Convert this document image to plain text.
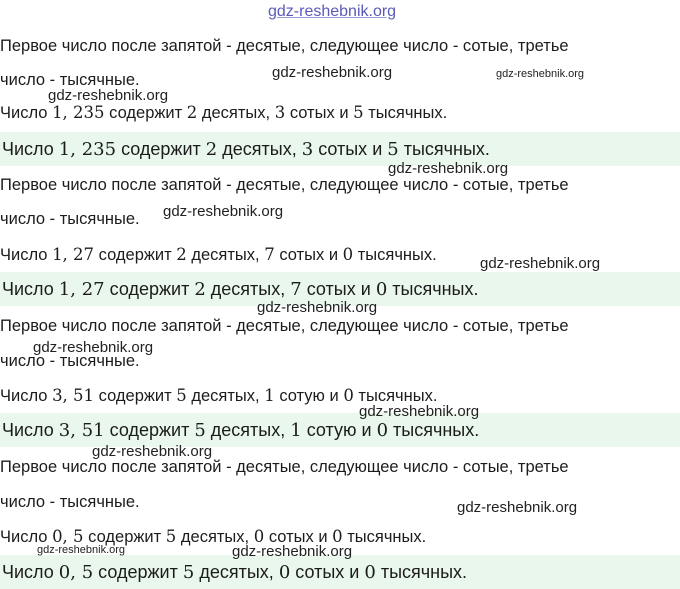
gdz-reshebnik.org
Первое число после запятой - десятые, следующее число - сотые, третье
число - тысячные.
Число 1, 235 содержит 2 десятых, 3 сотых и 5 тысячных.
Число 1, 235 содержит 2 десятых, 3 сотых и 5 тысячных.
Первое число после запятой - десятые, следующее число - сотые, третье
число - тысячные.
Число 1, 27 содержит 2 десятых, 7 сотых и 0 тысячных.
Число 1, 27 содержит 2 десятых, 7 сотых и 0 тысячных.
Первое число после запятой - десятые, следующее число - сотые, третье
число - тысячные.
Число 3, 51 содержит 5 десятых, 1 сотую и 0 тысячных.
Число 3, 51 содержит 5 десятых, 1 сотую и 0 тысячных.
Первое число после запятой - десятые, следующее число - сотые, третье
число - тысячные.
Число 0, 5 содержит 5 десятых, 0 сотых и 0 тысячных.
Число 0, 5 содержит 5 десятых, 0 сотых и 0 тысячных.
gdz-reshebnik.org	gdz-reshebnik.org
gdz-reshebnik.org
gdz-reshebnik.org
gdz-reshebnik.org
gdz-reshebnik.org
gdz-reshebnik.org
gdz-reshebnik.org
gdz-reshebnik.org
gdz-reshebnik.org
gdz-reshebnik.org
gdz-reshebnik.org	gdz-reshebnik.org
